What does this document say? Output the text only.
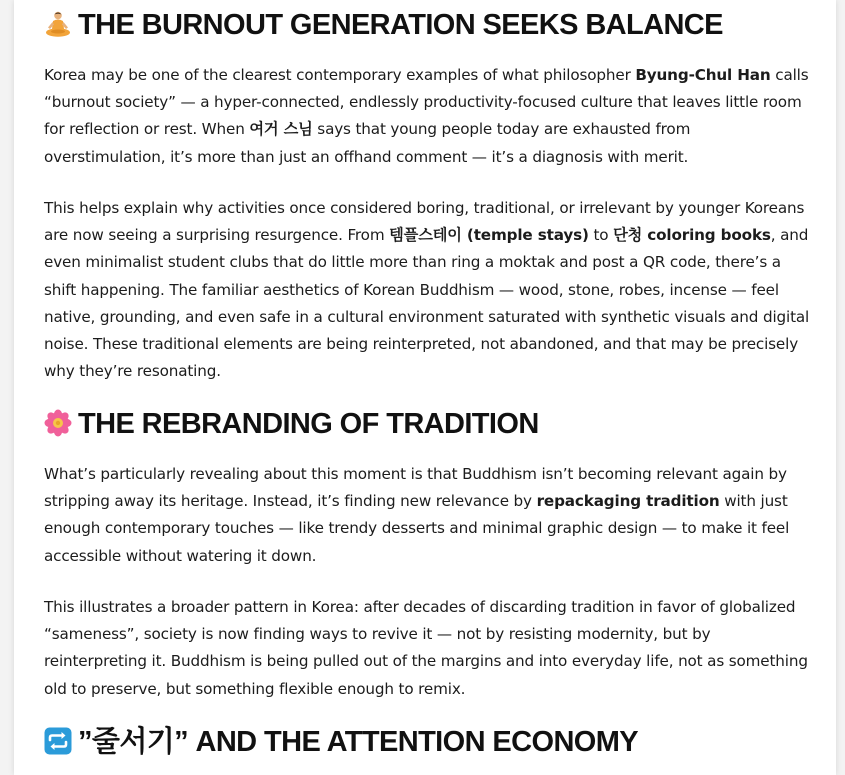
THE BURNOUT GENERATION SEEKS BALANCE

Korea may be one of the clearest contemporary examples of what philosopher Byung-Chul Han calls “burnout society” — a hyper-connected, endlessly productivity-focused culture that leaves little room for reflection or rest. When 여거 스님 says that young people today are exhausted from overstimulation, it’s more than just an offhand comment — it’s a diagnosis with merit.

This helps explain why activities once considered boring, traditional, or irrelevant by younger Koreans are now seeing a surprising resurgence. From 템플스테이 (temple stays) to 단청 coloring books, and even minimalist student clubs that do little more than ring a moktak and post a QR code, there’s a shift happening. The familiar aesthetics of Korean Buddhism — wood, stone, robes, incense — feel native, grounding, and even safe in a cultural environment saturated with synthetic visuals and digital noise. These traditional elements are being reinterpreted, not abandoned, and that may be precisely why they’re resonating.

THE REBRANDING OF TRADITION

What’s particularly revealing about this moment is that Buddhism isn’t becoming relevant again by stripping away its heritage. Instead, it’s finding new relevance by repackaging tradition with just enough contemporary touches — like trendy desserts and minimal graphic design — to make it feel accessible without watering it down.

This illustrates a broader pattern in Korea: after decades of discarding tradition in favor of globalized “sameness”, society is now finding ways to revive it — not by resisting modernity, but by reinterpreting it. Buddhism is being pulled out of the margins and into everyday life, not as something old to preserve, but something flexible enough to remix.

”줄서기” AND THE ATTENTION ECONOMY
